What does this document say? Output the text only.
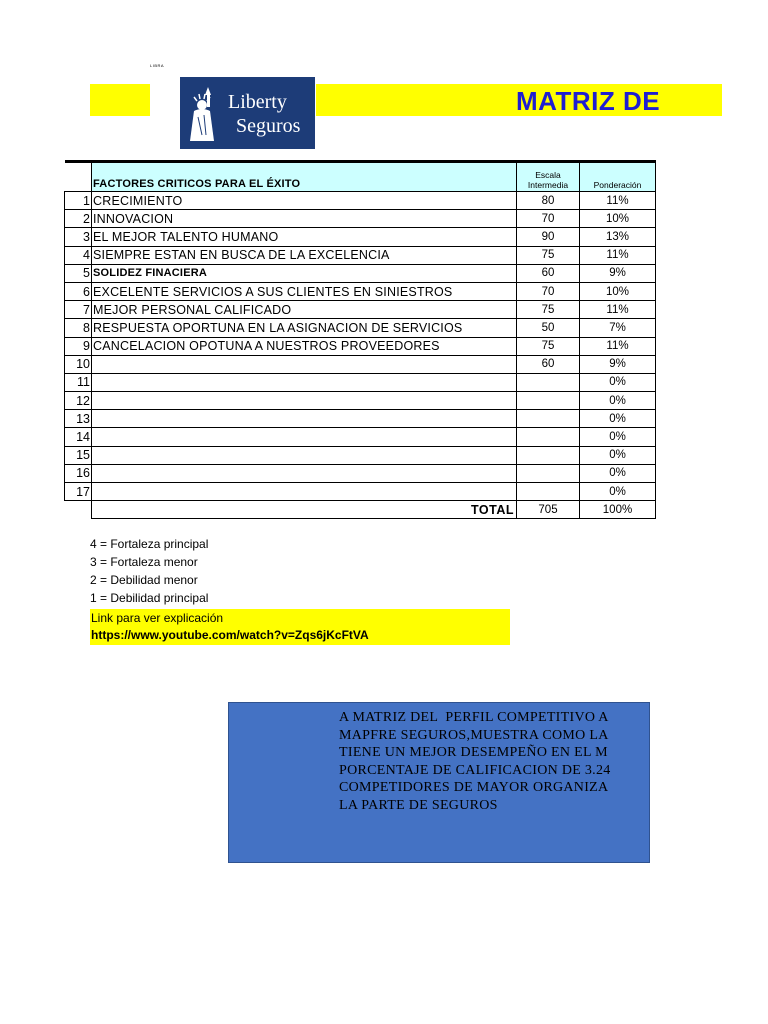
LIBRA
MATRIZ DE
Liberty
Seguros
	FACTORES CRITICOS PARA EL ÉXITO	Escala
Intermedia	Ponderación
1	CRECIMIENTO	80	11%
2	INNOVACION	70	10%
3	EL MEJOR TALENTO HUMANO	90	13%
4	SIEMPRE ESTAN EN BUSCA DE LA EXCELENCIA	75	11%
5	SOLIDEZ FINACIERA	60	9%
6	EXCELENTE SERVICIOS A SUS CLIENTES EN SINIESTROS	70	10%
7	MEJOR PERSONAL CALIFICADO	75	11%
8	RESPUESTA OPORTUNA EN LA ASIGNACION DE SERVICIOS	50	7%
9	CANCELACION OPOTUNA A NUESTROS PROVEEDORES	75	11%
10		60	9%
11			0%
12			0%
13			0%
14			0%
15			0%
16			0%
17			0%
	TOTAL	705	100%
4 = Fortaleza principal
3 = Fortaleza menor
2 = Debilidad menor
1 = Debilidad principal
Link para ver explicación
https://www.youtube.com/watch?v=Zqs6jKcFtVA
A MATRIZ DEL  PERFIL COMPETITIVO A
MAPFRE SEGUROS,MUESTRA COMO LA
TIENE UN MEJOR DESEMPEÑO EN EL M
PORCENTAJE DE CALIFICACION DE 3.24
COMPETIDORES DE MAYOR ORGANIZA
LA PARTE DE SEGUROS
